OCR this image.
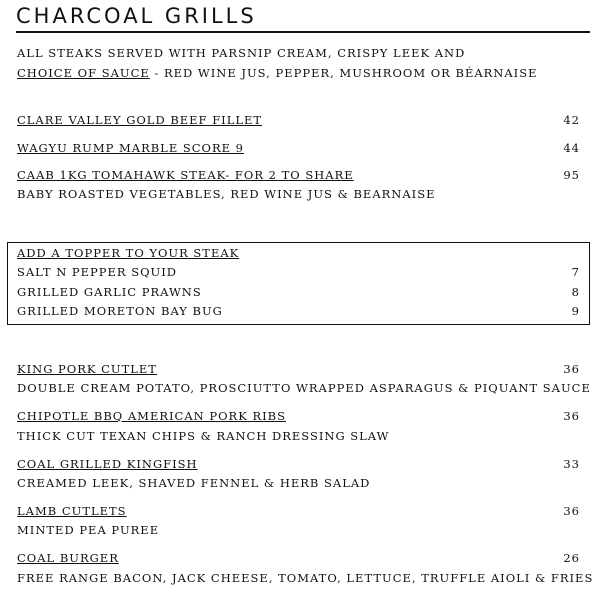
CHARCOAL GRILLS
ALL STEAKS SERVED WITH PARSNIP CREAM, CRISPY LEEK AND
CHOICE OF SAUCE - RED WINE JUS, PEPPER, MUSHROOM OR BÉARNAISE
CLARE VALLEY GOLD BEEF FILLET	42
WAGYU RUMP MARBLE SCORE 9	44
CAAB 1KG TOMAHAWK STEAK- FOR 2 TO SHARE	95
BABY ROASTED VEGETABLES, RED WINE JUS & BEARNAISE
ADD A TOPPER TO YOUR STEAK
SALT N PEPPER SQUID	7
GRILLED GARLIC PRAWNS	8
GRILLED MORETON BAY BUG	9
KING PORK CUTLET	36
DOUBLE CREAM POTATO, PROSCIUTTO WRAPPED ASPARAGUS & PIQUANT SAUCE
CHIPOTLE BBQ AMERICAN PORK RIBS	36
THICK CUT TEXAN CHIPS & RANCH DRESSING SLAW
COAL GRILLED KINGFISH	33
CREAMED LEEK, SHAVED FENNEL & HERB SALAD
LAMB CUTLETS	36
MINTED PEA PUREE
COAL BURGER	26
FREE RANGE BACON, JACK CHEESE, TOMATO, LETTUCE, TRUFFLE AIOLI & FRIES
